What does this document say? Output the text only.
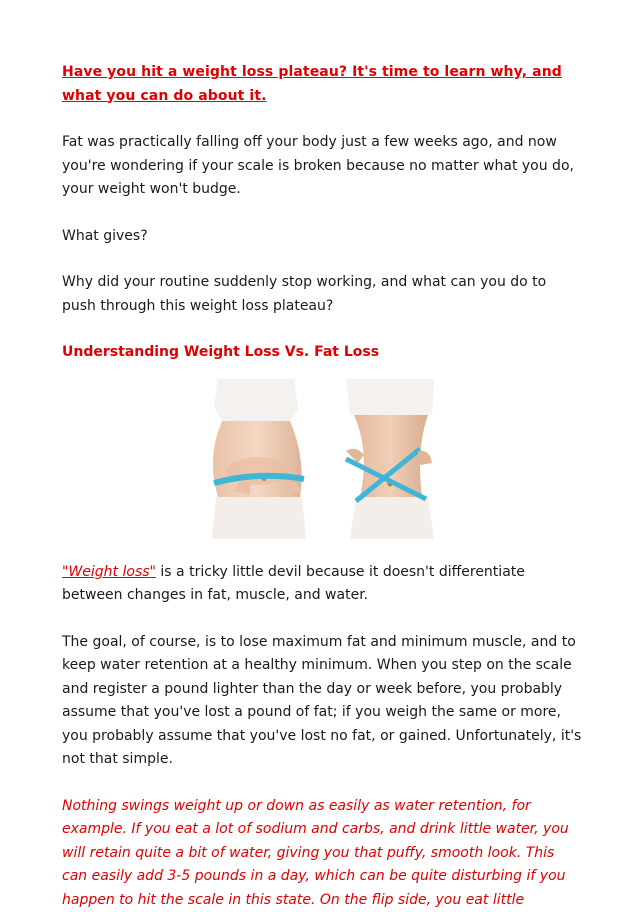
Have you hit a weight loss plateau? It's time to learn why, and what you can do about it.

Fat was practically falling off your body just a few weeks ago, and now you're wondering if your scale is broken because no matter what you do, your weight won't budge.

What gives?

Why did your routine suddenly stop working, and what can you do to push through this weight loss plateau?

Understanding Weight Loss Vs. Fat Loss

"Weight loss" is a tricky little devil because it doesn't differentiate between changes in fat, muscle, and water.

The goal, of course, is to lose maximum fat and minimum muscle, and to keep water retention at a healthy minimum. When you step on the scale and register a pound lighter than the day or week before, you probably assume that you've lost a pound of fat; if you weigh the same or more, you probably assume that you've lost no fat, or gained. Unfortunately, it's not that simple.

Nothing swings weight up or down as easily as water retention, for example. If you eat a lot of sodium and carbs, and drink little water, you will retain quite a bit of water, giving you that puffy, smooth look. This can easily add 3-5 pounds in a day, which can be quite disturbing if you happen to hit the scale in this state. On the flip side, you eat little
